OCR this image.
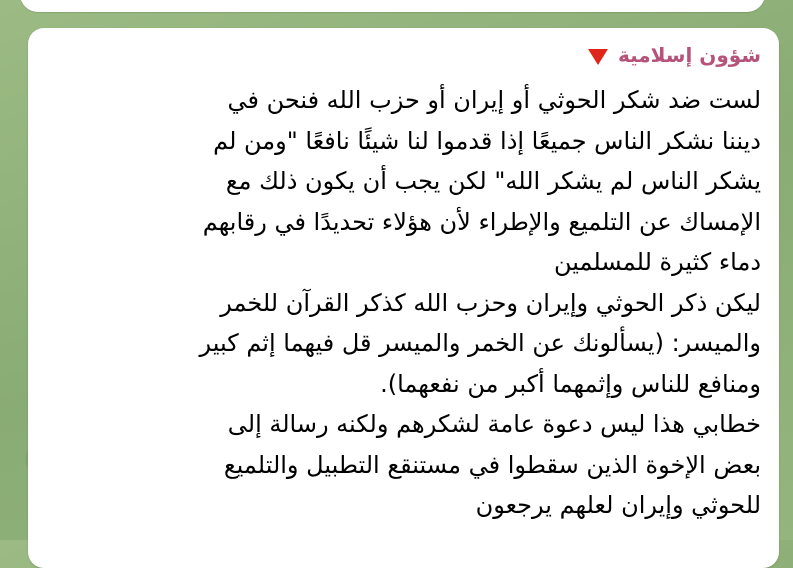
شؤون إسلامية
لست ضد شكر الحوثي أو إيران أو حزب الله فنحن في
ديننا نشكر الناس جميعًا إذا قدموا لنا شيئًا نافعًا "ومن لم
يشكر الناس لم يشكر الله" لكن يجب أن يكون ذلك مع
الإمساك عن التلميع والإطراء لأن هؤلاء تحديدًا في رقابهم
دماء كثيرة للمسلمين
ليكن ذكر الحوثي وإيران وحزب الله كذكر القرآن للخمر
والميسر: (يسألونك عن الخمر والميسر قل فيهما إثم كبير
ومنافع للناس وإثمهما أكبر من نفعهما).
خطابي هذا ليس دعوة عامة لشكرهم ولكنه رسالة إلى
بعض الإخوة الذين سقطوا في مستنقع التطبيل والتلميع
للحوثي وإيران لعلهم يرجعون
